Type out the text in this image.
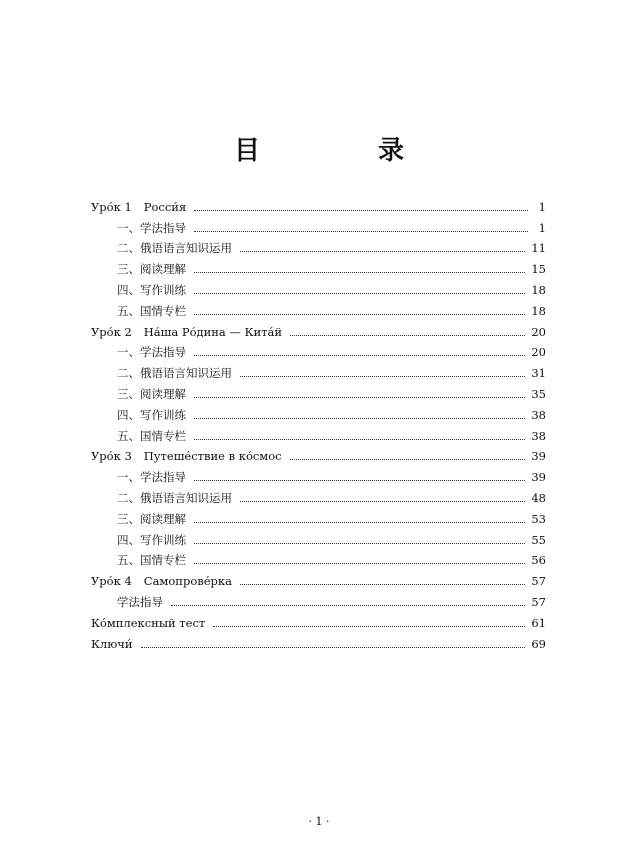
目　录
Уро́к 1 Росси́я	1
一、学法指导	1
二、俄语语言知识运用	11
三、阅读理解	15
四、写作训练	18
五、国情专栏	18
Уро́к 2 На́ша Ро́дина — Кита́й	20
一、学法指导	20
二、俄语语言知识运用	31
三、阅读理解	35
四、写作训练	38
五、国情专栏	38
Уро́к 3 Путеше́ствие в ко́смос	39
一、学法指导	39
二、俄语语言知识运用	48
三、阅读理解	53
四、写作训练	55
五、国情专栏	56
Уро́к 4 Самопрове́рка	57
学法指导	57
Ко́мплексный тест	61
Ключи́	69
· 1 ·
